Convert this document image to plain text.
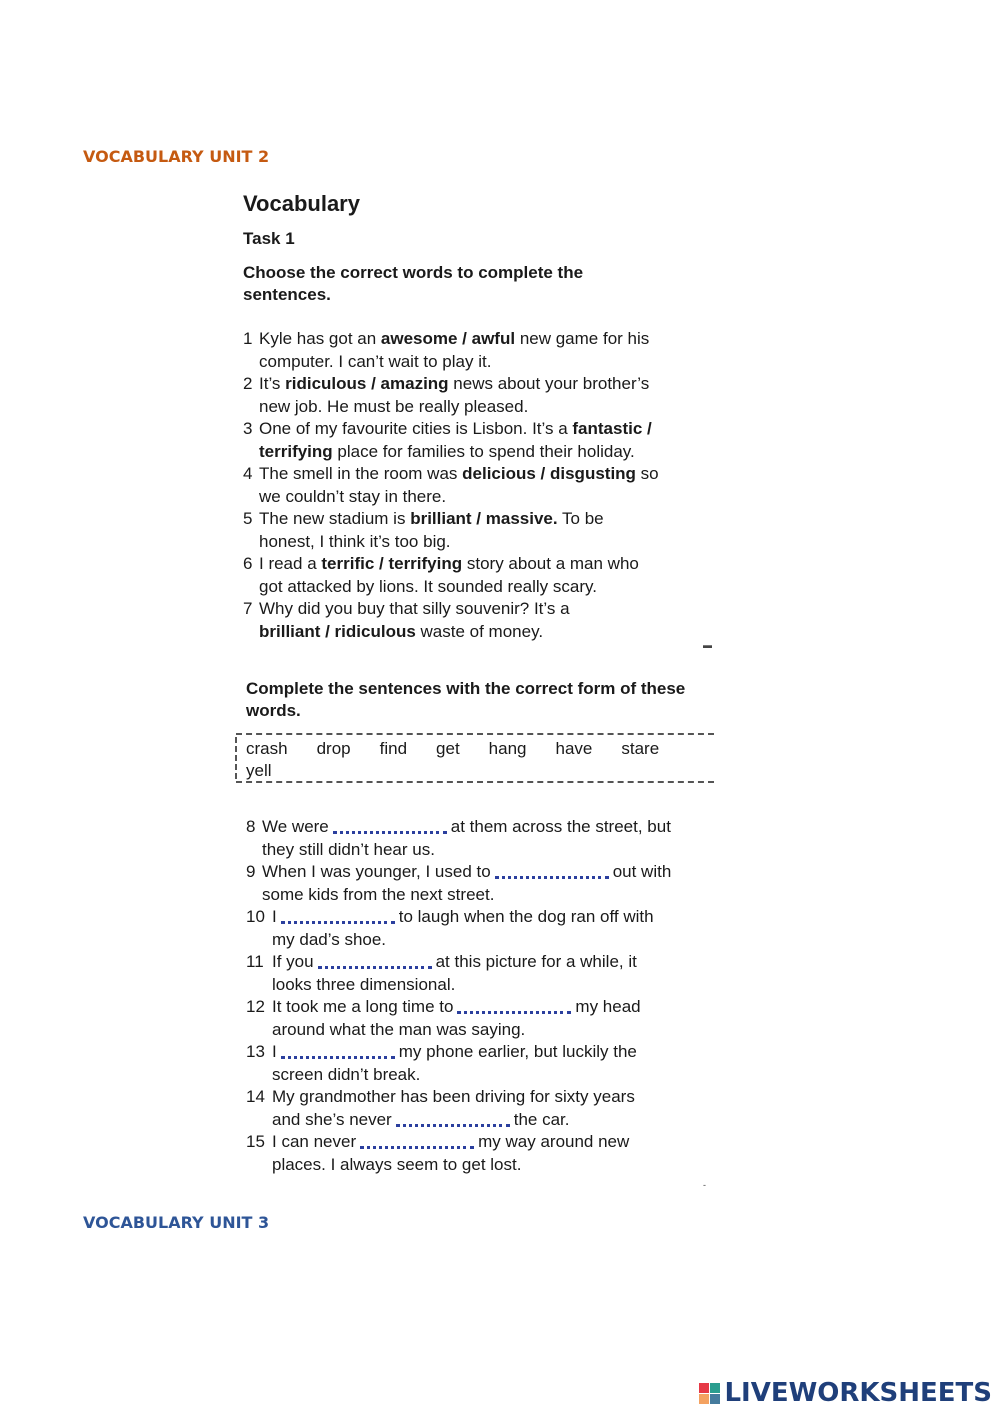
VOCABULARY UNIT 2
Vocabulary
Task 1
Choose the correct words to complete the sentences.
1 Kyle has got an awesome / awful new game for his
computer. I can’t wait to play it.
2 It’s ridiculous / amazing news about your brother’s
new job. He must be really pleased.
3 One of my favourite cities is Lisbon. It’s a fantastic /
terrifying place for families to spend their holiday.
4 The smell in the room was delicious / disgusting so
we couldn’t stay in there.
5 The new stadium is brilliant / massive. To be
honest, I think it’s too big.
6 I read a terrific / terrifying story about a man who
got attacked by lions. It sounded really scary.
7 Why did you buy that silly souvenir? It’s a
brilliant / ridiculous waste of money.
▬
Complete the sentences with the correct form of these words.
crash drop find get hang have stareyell
8 We were	at them across the street, but
they still didn’t hear us.
9 When I was younger, I used to	out with
some kids from the next street.
10 I	to laugh when the dog ran off with
my dad’s shoe.
11 If you	at this picture for a while, it
looks three dimensional.
12 It took me a long time to	my head
around what the man was saying.
13 I	my phone earlier, but luckily the
screen didn’t break.
14 My grandmother has been driving for sixty years
and she’s never	the car.
15 I can never	my way around new
places. I always seem to get lost.
-
VOCABULARY UNIT 3
LIVEWORKSHEETS
